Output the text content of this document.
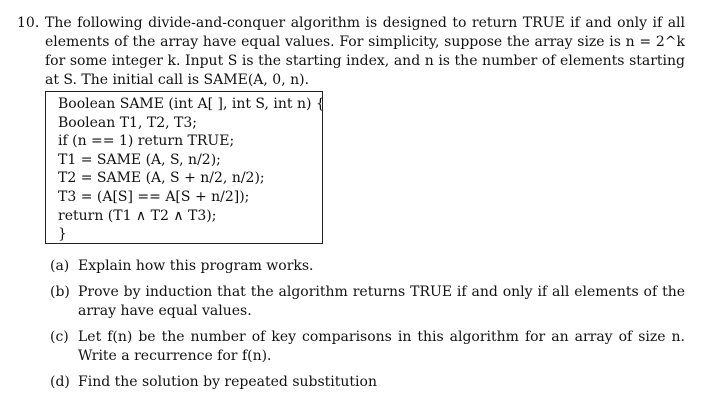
10. The following divide-and-conquer algorithm is designed to return TRUE if and only if all elements of the array have equal values. For simplicity, suppose the array size is n = 2^k for some integer k. Input S is the starting index, and n is the number of elements starting at S. The initial call is SAME(A, 0, n).
Boolean SAME (int A[ ], int S, int n) {
Boolean T1, T2, T3;
if (n == 1) return TRUE;
T1 = SAME (A, S, n/2);
T2 = SAME (A, S + n/2, n/2);
T3 = (A[S] == A[S + n/2]);
return (T1 ∧ T2 ∧ T3);
}
(a) Explain how this program works.
(b) Prove by induction that the algorithm returns TRUE if and only if all elements of the array have equal values.
(c) Let f(n) be the number of key comparisons in this algorithm for an array of size n. Write a recurrence for f(n).
(d) Find the solution by repeated substitution
